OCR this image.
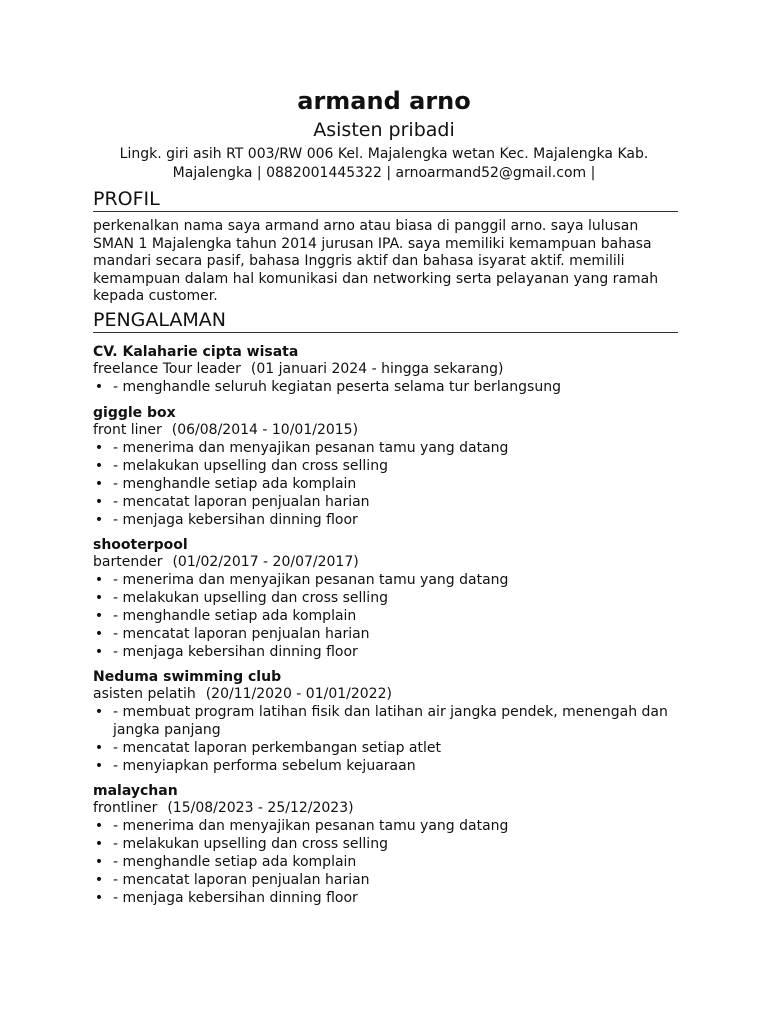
armand arno
Asisten pribadi
Lingk. giri asih RT 003/RW 006 Kel. Majalengka wetan Kec. Majalengka Kab.
Majalengka | 0882001445322 | arnoarmand52@gmail.com |
PROFIL

perkenalkan nama saya armand arno atau biasa di panggil arno. saya lulusan SMAN 1 Majalengka tahun 2014 jurusan IPA. saya memiliki kemampuan bahasa mandari secara pasif, bahasa Inggris aktif dan bahasa isyarat aktif. memilili kemampuan dalam hal komunikasi dan networking serta pelayanan yang ramah kepada customer.

PENGALAMAN
CV. Kalaharie cipta wisata
freelance Tour leader (01 januari 2024 - hingga sekarang)
• - menghandle seluruh kegiatan peserta selama tur berlangsung
giggle box
front liner (06/08/2014 - 10/01/2015)
• - menerima dan menyajikan pesanan tamu yang datang
• - melakukan upselling dan cross selling
• - menghandle setiap ada komplain
• - mencatat laporan penjualan harian
• - menjaga kebersihan dinning floor
shooterpool
bartender (01/02/2017 - 20/07/2017)
• - menerima dan menyajikan pesanan tamu yang datang
• - melakukan upselling dan cross selling
• - menghandle setiap ada komplain
• - mencatat laporan penjualan harian
• - menjaga kebersihan dinning floor
Neduma swimming club
asisten pelatih (20/11/2020 - 01/01/2022)
• - membuat program latihan fisik dan latihan air jangka pendek, menengah dan jangka panjang
• - mencatat laporan perkembangan setiap atlet
• - menyiapkan performa sebelum kejuaraan
malaychan
frontliner (15/08/2023 - 25/12/2023)
• - menerima dan menyajikan pesanan tamu yang datang
• - melakukan upselling dan cross selling
• - menghandle setiap ada komplain
• - mencatat laporan penjualan harian
• - menjaga kebersihan dinning floor
